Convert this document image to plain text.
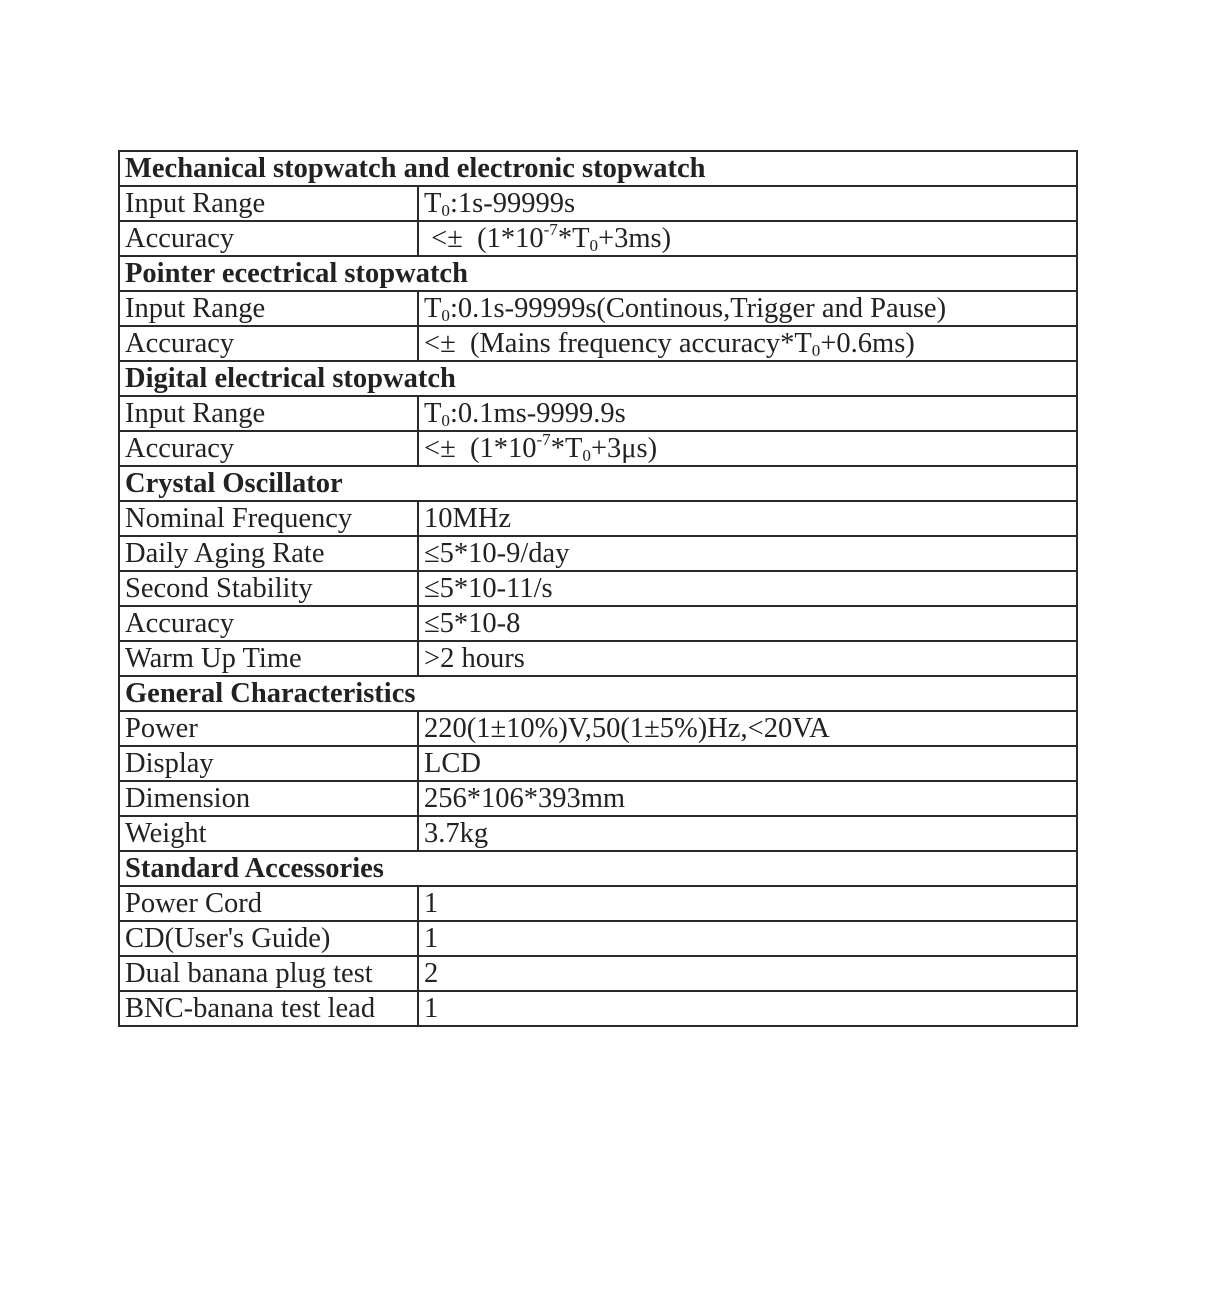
Mechanical stopwatch and electronic stopwatch	
Input Range	$T_0:1s-99999s$
Accuracy	<±  $(1*10^{-7}*T_0+3ms)$
Pointer ecectrical stopwatch	
Input Range	$T_0:0.1s-99999s(Continous,Trigger$ and Pause)
Accuracy	<±  (Mains frequency $accuracy*T_0+0.6ms$)
Digital electrical stopwatch	
Input Range	$T_0:0.1ms-9999.9s$
Accuracy	<±  $(1*10^{-7}*T_0+3\mu s)$
Crystal Oscillator	
Nominal Frequency	10MHz
Daily Aging Rate	≤5*10-9/day
Second Stability	≤5*10-11/s
Accuracy	≤5*10-8
Warm Up Time	>2 hours
General Characteristics	
Power	220(1±10%)V,50(1±5%)Hz,<20VA
Display	LCD
Dimension	256*106*393mm
Weight	3.7kg
Standard Accessories	
Power Cord	1
CD(User's Guide)	1
Dual banana plug test	2
BNC-banana test lead	1
